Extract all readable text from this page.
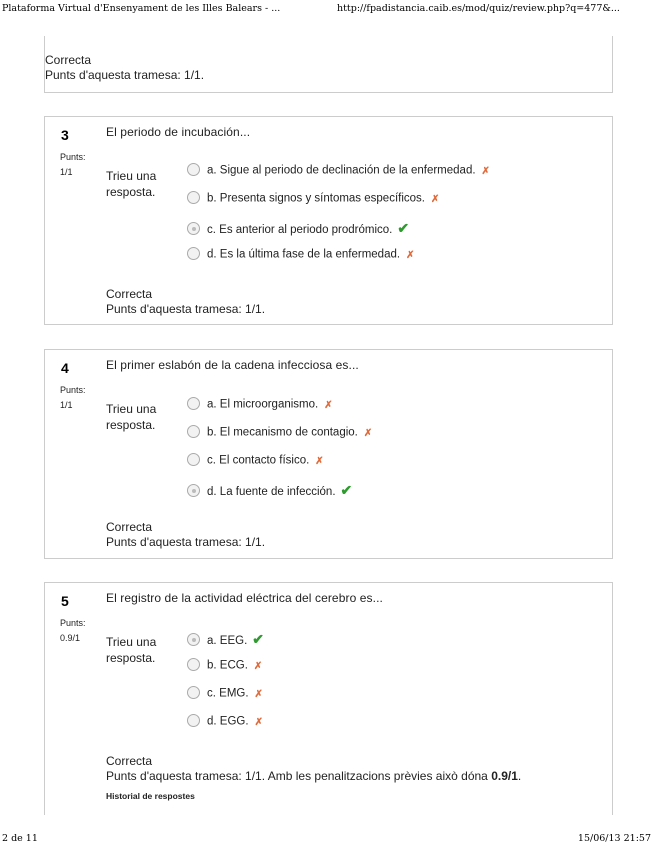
Plataforma Virtual d'Ensenyament de les Illes Balears - ...	http://fpadistancia.caib.es/mod/quiz/review.php?q=477&...
Correcta
Punts d'aquesta tramesa: 1/1.
3
Punts:
1/1
El periodo de incubación...
Trieu una resposta.
a. Sigue al periodo de declinación de la enfermedad. ✗
b. Presenta signos y síntomas específicos. ✗
c. Es anterior al periodo prodrómico. ✔
d. Es la última fase de la enfermedad. ✗
Correcta
Punts d'aquesta tramesa: 1/1.
4
Punts:
1/1
El primer eslabón de la cadena infecciosa es...
Trieu una resposta.
a. El microorganismo. ✗
b. El mecanismo de contagio. ✗
c. El contacto físico. ✗
d. La fuente de infección. ✔
Correcta
Punts d'aquesta tramesa: 1/1.
5
Punts:
0.9/1
El registro de la actividad eléctrica del cerebro es...
Trieu una resposta.
a. EEG. ✔
b. ECG. ✗
c. EMG. ✗
d. EGG. ✗
Correcta
Punts d'aquesta tramesa: 1/1. Amb les penalitzacions prèvies això dóna 0.9/1.
Historial de respostes
2 de 11	15/06/13 21:57
